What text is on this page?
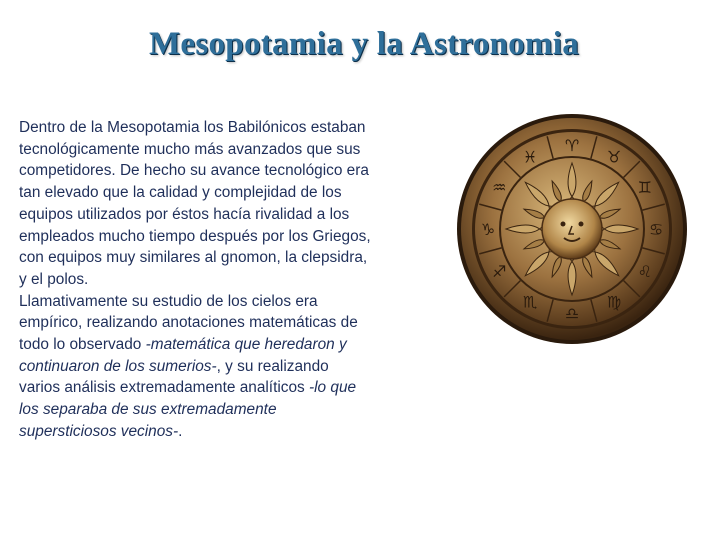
Mesopotamia y la Astronomia

Dentro de la Mesopotamia los Babilónicos estaban tecnológicamente mucho más avanzados que sus competidores. De hecho su avance tecnológico era tan elevado que la calidad y complejidad de los equipos utilizados por éstos hacía rivalidad a los empleados mucho tiempo después por los Griegos, con equipos muy similares al gnomon, la clepsidra, y el polos.

Llamativamente su estudio de los cielos era empírico, realizando anotaciones matemáticas de todo lo observado -matemática que heredaron y continuaron de los sumerios-, y su realizando varios análisis extremadamente analíticos -lo que los separaba de sus extremadamente supersticiosos vecinos-.

♈
♉
♊
♋
♌
♍
♎
♏
♐
♑
♒
♓
